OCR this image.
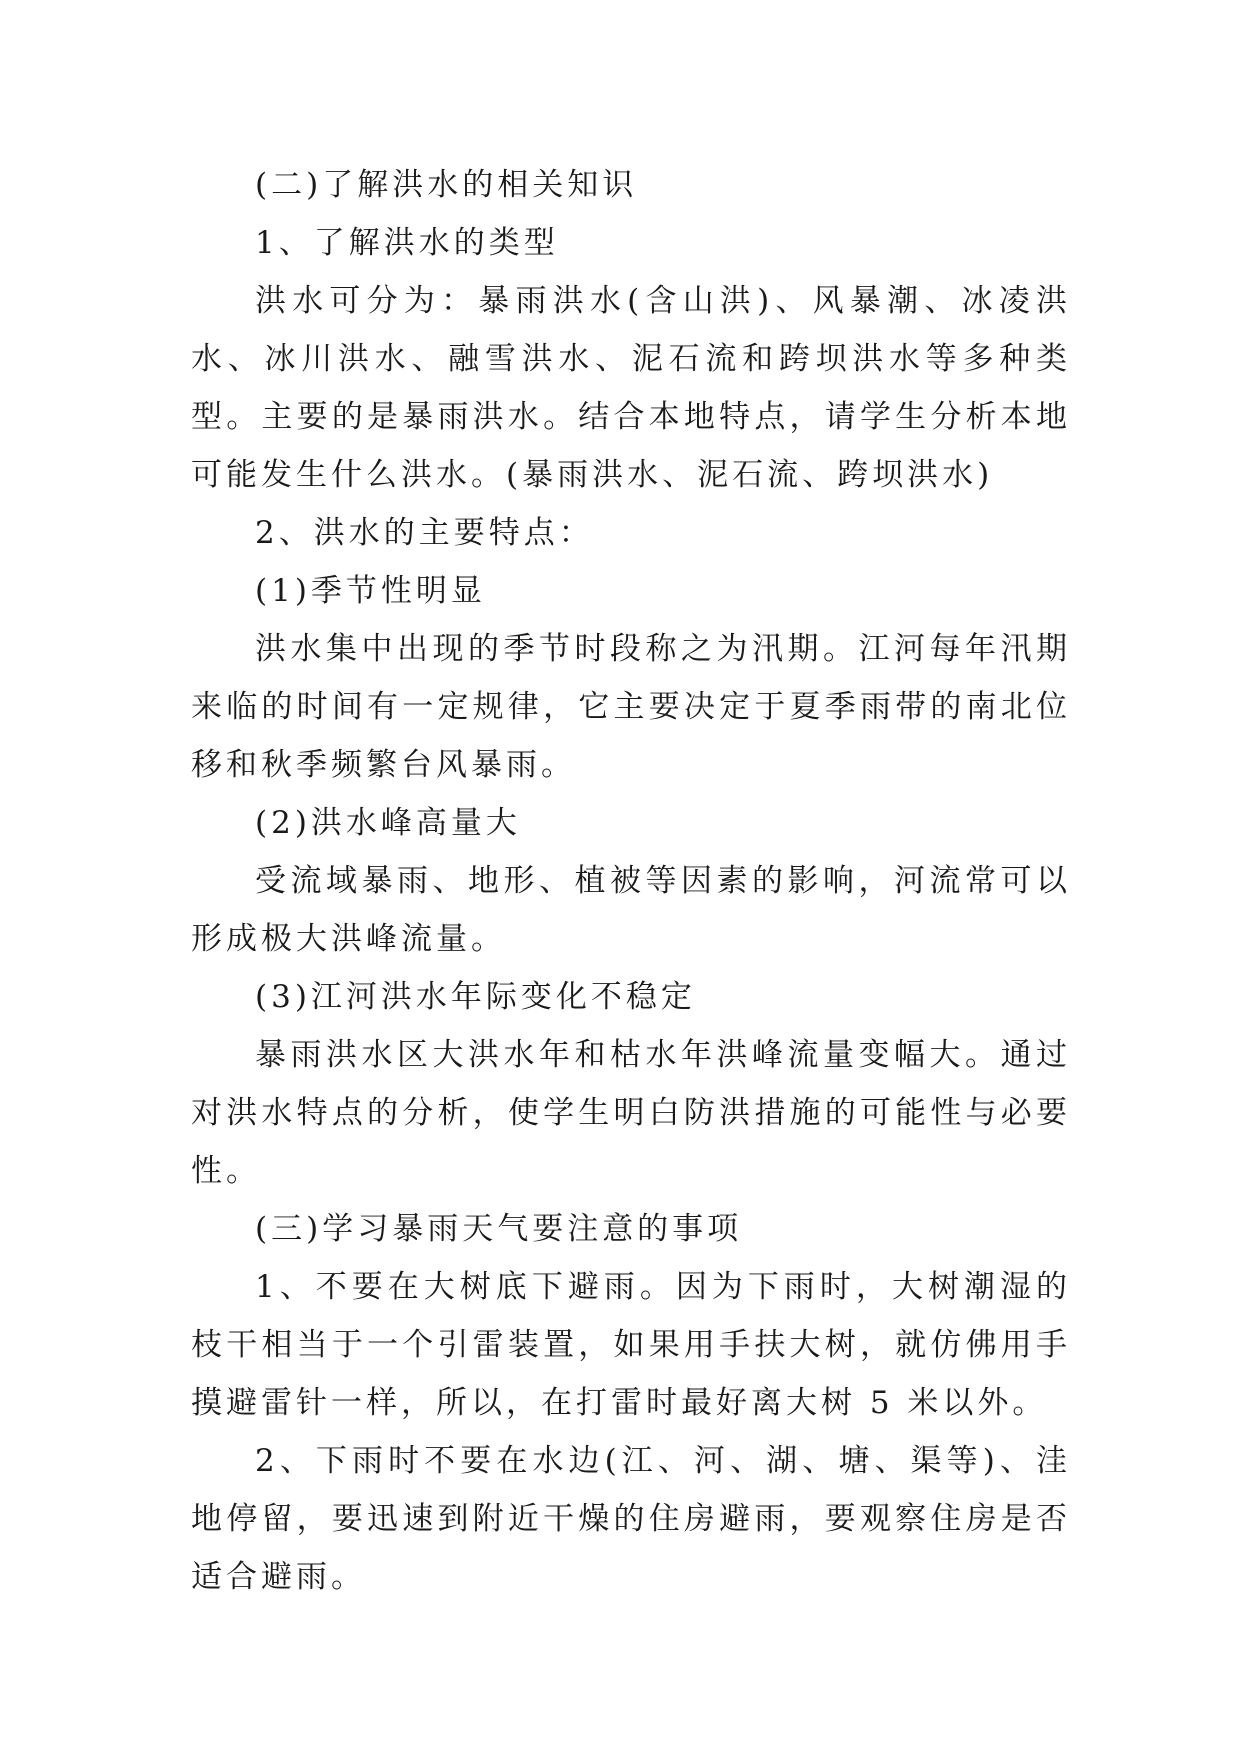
(二)了解洪水的相关知识

1、了解洪水的类型

洪水可分为：暴雨洪水(含山洪)、风暴潮、冰凌洪水、冰川洪水、融雪洪水、泥石流和跨坝洪水等多种类型。主要的是暴雨洪水。结合本地特点，请学生分析本地可能发生什么洪水。(暴雨洪水、泥石流、跨坝洪水)

2、洪水的主要特点：

(1)季节性明显

洪水集中出现的季节时段称之为汛期。江河每年汛期来临的时间有一定规律，它主要决定于夏季雨带的南北位移和秋季频繁台风暴雨。

(2)洪水峰高量大

受流域暴雨、地形、植被等因素的影响，河流常可以形成极大洪峰流量。

(3)江河洪水年际变化不稳定

暴雨洪水区大洪水年和枯水年洪峰流量变幅大。通过对洪水特点的分析，使学生明白防洪措施的可能性与必要性。

(三)学习暴雨天气要注意的事项

1、不要在大树底下避雨。因为下雨时，大树潮湿的枝干相当于一个引雷装置，如果用手扶大树，就仿佛用手摸避雷针一样，所以，在打雷时最好离大树 5 米以外。

2、下雨时不要在水边(江、河、湖、塘、渠等)、洼地停留，要迅速到附近干燥的住房避雨，要观察住房是否适合避雨。
